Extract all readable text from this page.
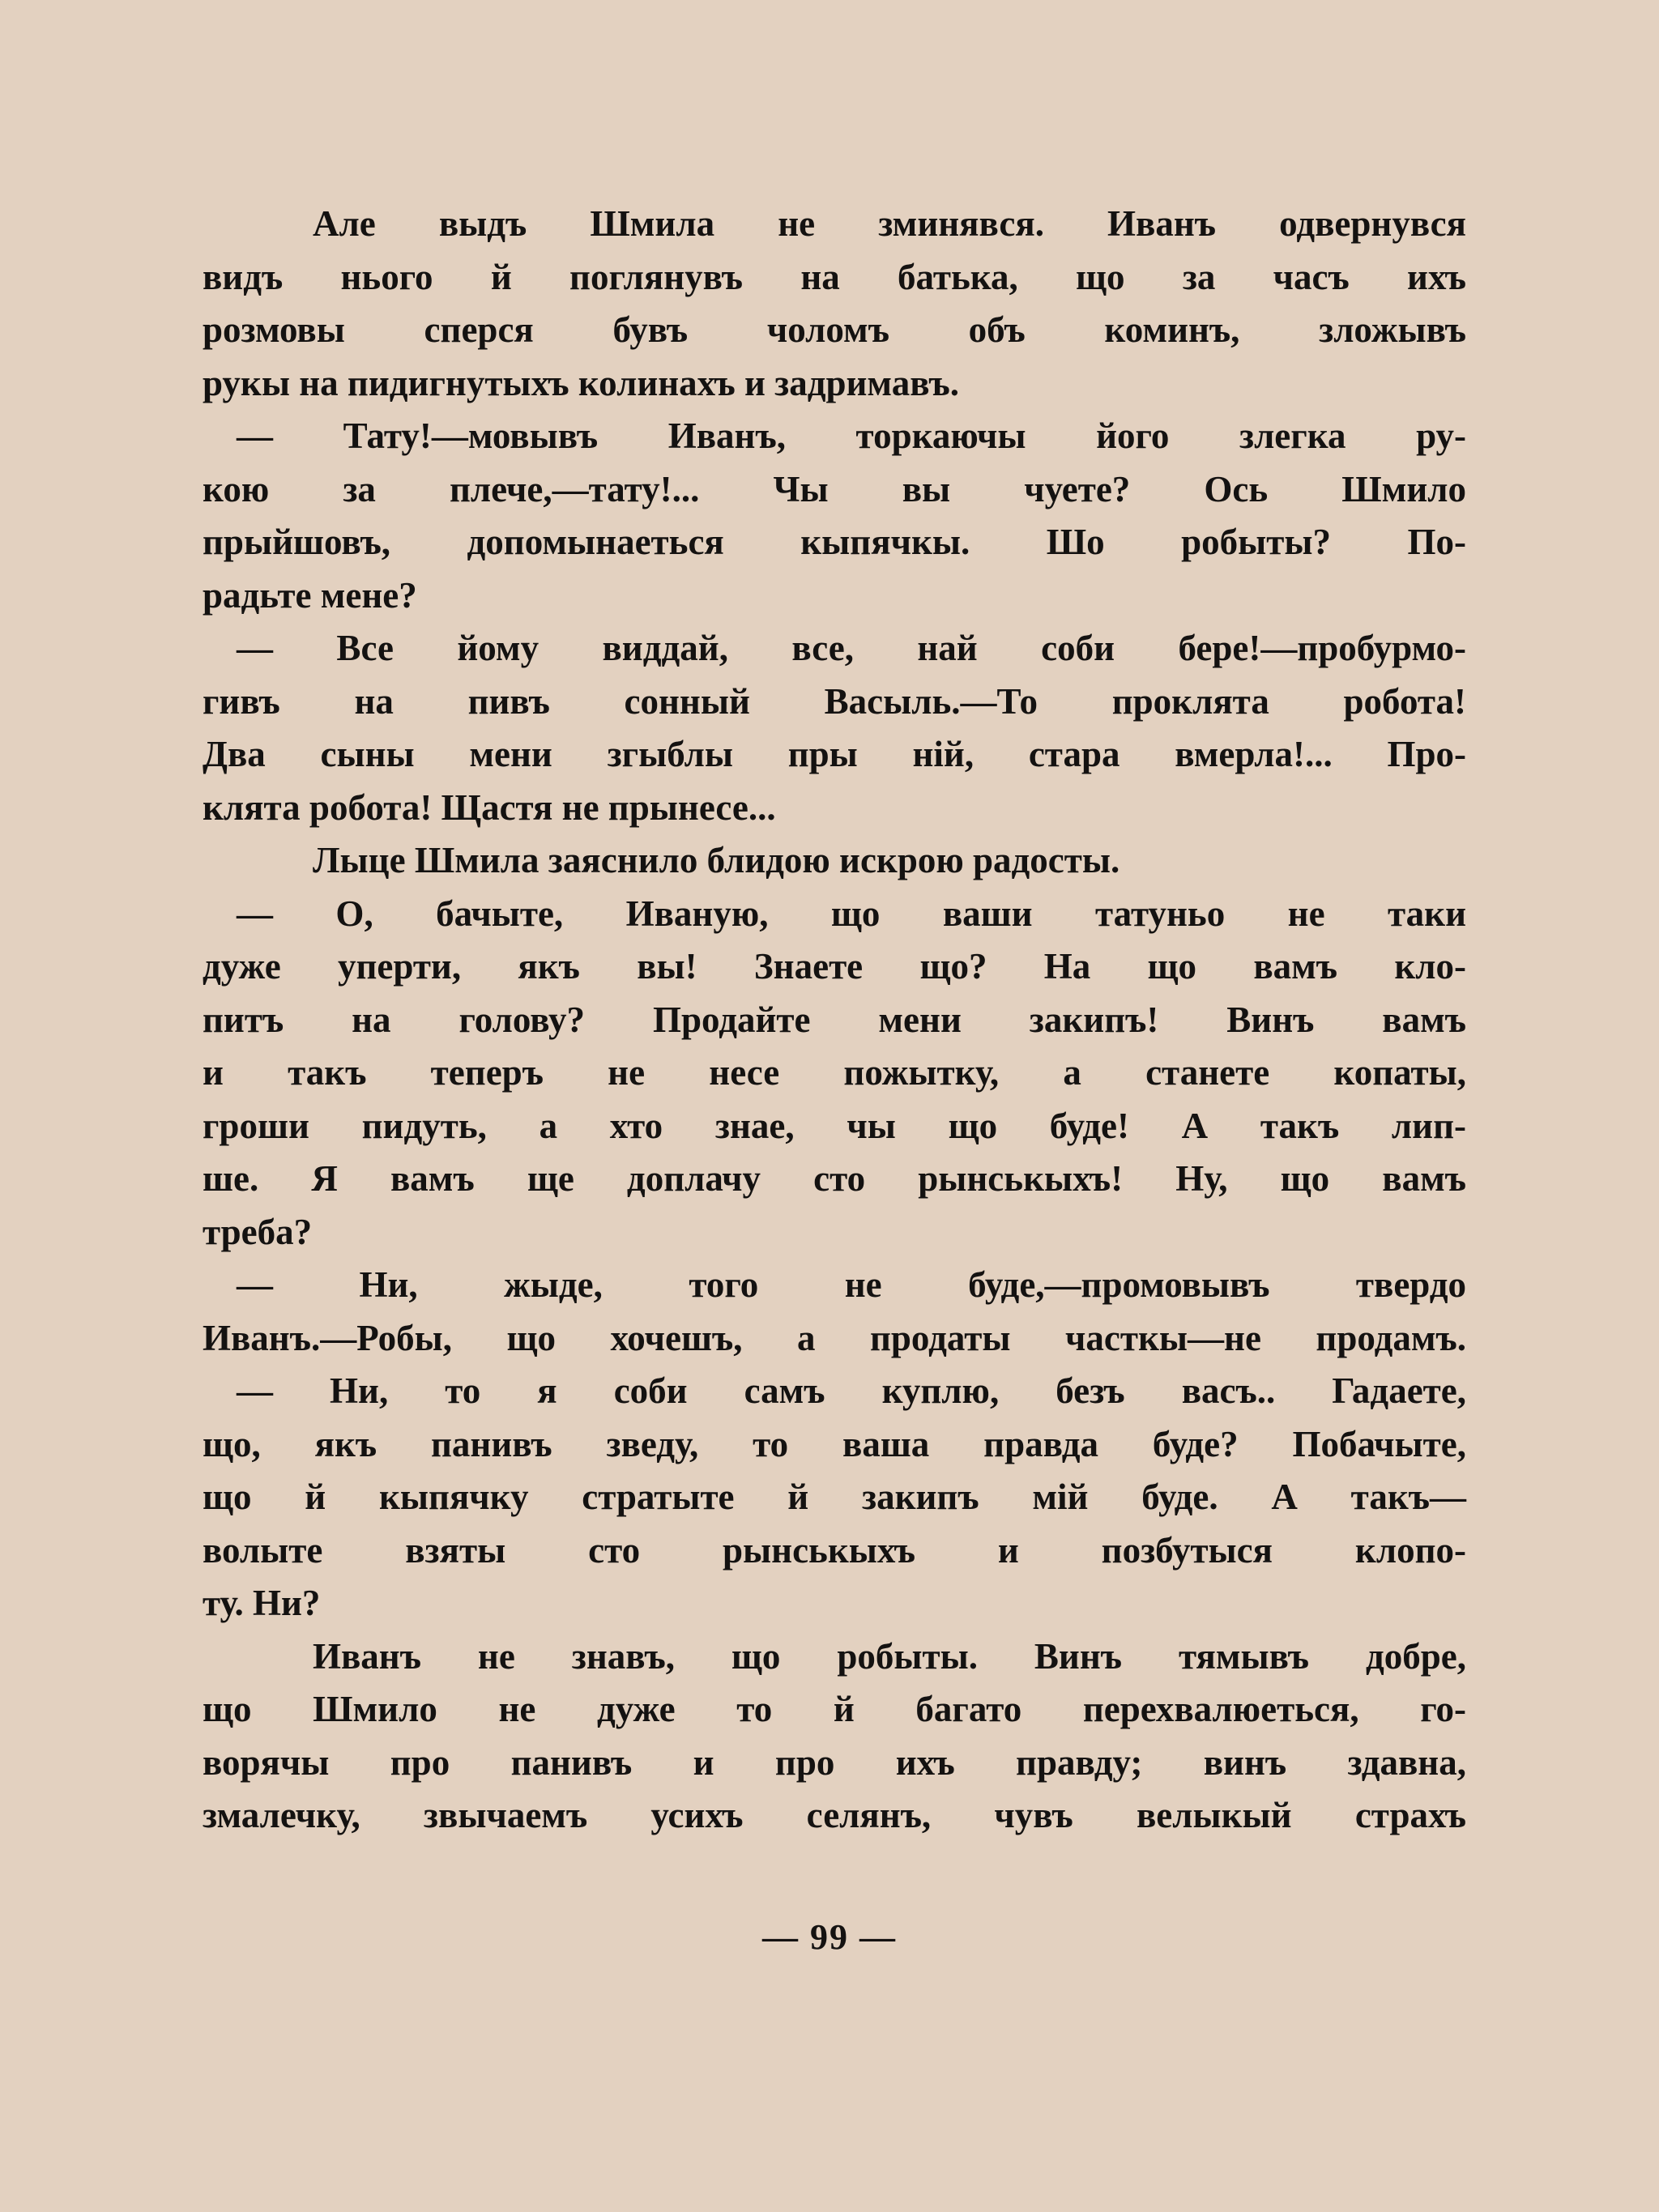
Але выдъ Шмила не зминявся. Иванъ одвернувся
видъ нього й поглянувъ на батька, що за часъ ихъ
розмовы сперся бувъ чоломъ объ коминъ, зложывъ
рукы на пидигнутыхъ колинахъ и задримавъ.
— Тату!—мовывъ Иванъ, торкаючы його злегка ру-
кою за плече,—тату!... Чы вы чуете? Ось Шмило
прыйшовъ, допомынаеться кыпячкы. Шо робыты? По-
радьте мене?
— Все йому виддай, все, най соби бере!—пробурмо-
гивъ на пивъ сонный Васыль.—То проклята робота!
Два сыны мени згыблы пры ній, стара вмерла!... Про-
клята робота! Щастя не прынесе...
Лыце Шмила заяснило блидою искрою радосты.
— О, бачыте, Иваную, що ваши татуньо не таки
дуже уперти, якъ вы! Знаете що? На що вамъ кло-
питъ на голову? Продайте мени закипъ! Винъ вамъ
и такъ теперъ не несе пожытку, а станете копаты,
гроши пидуть, а хто знае, чы що буде! А такъ лип-
ше. Я вамъ ще доплачу сто рынськыхъ! Ну, що вамъ
треба?
— Ни, жыде, того не буде,—промовывъ твердо
Иванъ.—Робы, що хочешъ, а продаты часткы—не продамъ.
— Ни, то я соби самъ куплю, безъ васъ.. Гадаете,
що, якъ панивъ зведу, то ваша правда буде? Побачыте,
що й кыпячку стратыте й закипъ мій буде. А такъ—
волыте взяты сто рынськыхъ и позбутыся клопо-
ту. Ни?
Иванъ не знавъ, що робыты. Винъ тямывъ добре,
що Шмило не дуже то й багато перехвалюеться, го-
ворячы про панивъ и про ихъ правду; винъ здавна,
змалечку, звычаемъ усихъ селянъ, чувъ велыкый страхъ
— 99 —
